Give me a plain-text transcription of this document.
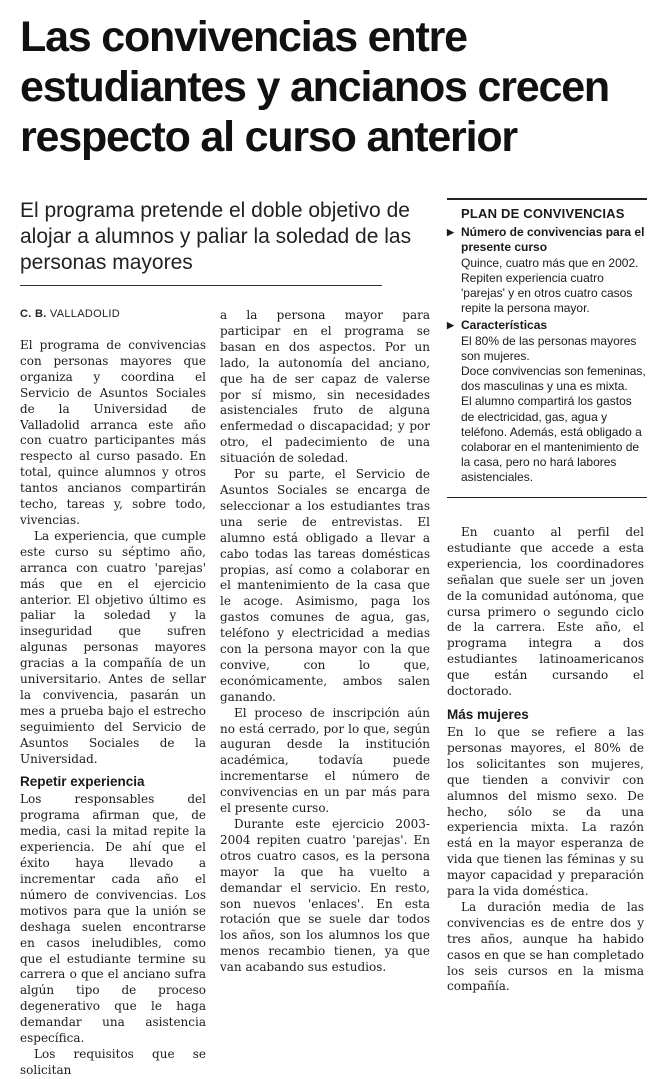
Las convivencias entre estudiantes y ancianos crecen respecto al curso anterior

El programa pretende el doble objetivo de alojar a alumnos y paliar la soledad de las personas mayores

C. B. VALLADOLID

El programa de convivencias con personas mayores que organiza y coordina el Servicio de Asuntos Sociales de la Universidad de Valladolid arranca este año con cuatro participantes más respecto al curso pasado. En total, quince alumnos y otros tantos ancianos compartirán techo, tareas y, sobre todo, vivencias.

La experiencia, que cumple este curso su séptimo año, arranca con cuatro 'parejas' más que en el ejercicio anterior. El objetivo último es paliar la soledad y la inseguridad que sufren algunas personas mayores gracias a la compañía de un universitario. Antes de sellar la convivencia, pasarán un mes a prueba bajo el estrecho seguimiento del Servicio de Asuntos Sociales de la Universidad.

Repetir experiencia

Los responsables del programa afirman que, de media, casi la mitad repite la experiencia. De ahí que el éxito haya llevado a incrementar cada año el número de convivencias. Los motivos para que la unión se deshaga suelen encontrarse en casos ineludibles, como que el estudiante termine su carrera o que el anciano sufra algún tipo de proceso degenerativo que le haga demandar una asistencia específica.

Los requisitos que se solicitan

a la persona mayor para participar en el programa se basan en dos aspectos. Por un lado, la autonomía del anciano, que ha de ser capaz de valerse por sí mismo, sin necesidades asistenciales fruto de alguna enfermedad o discapacidad; y por otro, el padecimiento de una situación de soledad.

Por su parte, el Servicio de Asuntos Sociales se encarga de seleccionar a los estudiantes tras una serie de entrevistas. El alumno está obligado a llevar a cabo todas las tareas domésticas propias, así como a colaborar en el mantenimiento de la casa que le acoge. Asimismo, paga los gastos comunes de agua, gas, teléfono y electricidad a medias con la persona mayor con la que convive, con lo que, económicamente, ambos salen ganando.

El proceso de inscripción aún no está cerrado, por lo que, según auguran desde la institución académica, todavía puede incrementarse el número de convivencias en un par más para el presente curso.

Durante este ejercicio 2003-2004 repiten cuatro 'parejas'. En otros cuatro casos, es la persona mayor la que ha vuelto a demandar el servicio. En resto, son nuevos 'enlaces'. En esta rotación que se suele dar todos los años, son los alumnos los que menos recambio tienen, ya que van acabando sus estudios.

PLAN DE CONVIVENCIAS
▶ Número de convivencias para el presente curso

Quince, cuatro más que en 2002. Repiten experiencia cuatro 'parejas' y en otros cuatro casos repite la persona mayor.

▶ Características

El 80% de las personas mayores son mujeres.

Doce convivencias son femeninas, dos masculinas y una es mixta.

El alumno compartirá los gastos de electricidad, gas, agua y teléfono. Además, está obligado a colaborar en el mantenimiento de la casa, pero no hará labores asistenciales.

En cuanto al perfil del estudiante que accede a esta experiencia, los coordinadores señalan que suele ser un joven de la comunidad autónoma, que cursa primero o segundo ciclo de la carrera. Este año, el programa integra a dos estudiantes latinoamericanos que están cursando el doctorado.

Más mujeres

En lo que se refiere a las personas mayores, el 80% de los solicitantes son mujeres, que tienden a convivir con alumnos del mismo sexo. De hecho, sólo se da una experiencia mixta. La razón está en la mayor esperanza de vida que tienen las féminas y su mayor capacidad y preparación para la vida doméstica.

La duración media de las convivencias es de entre dos y tres años, aunque ha habido casos en que se han completado los seis cursos en la misma compañía.
